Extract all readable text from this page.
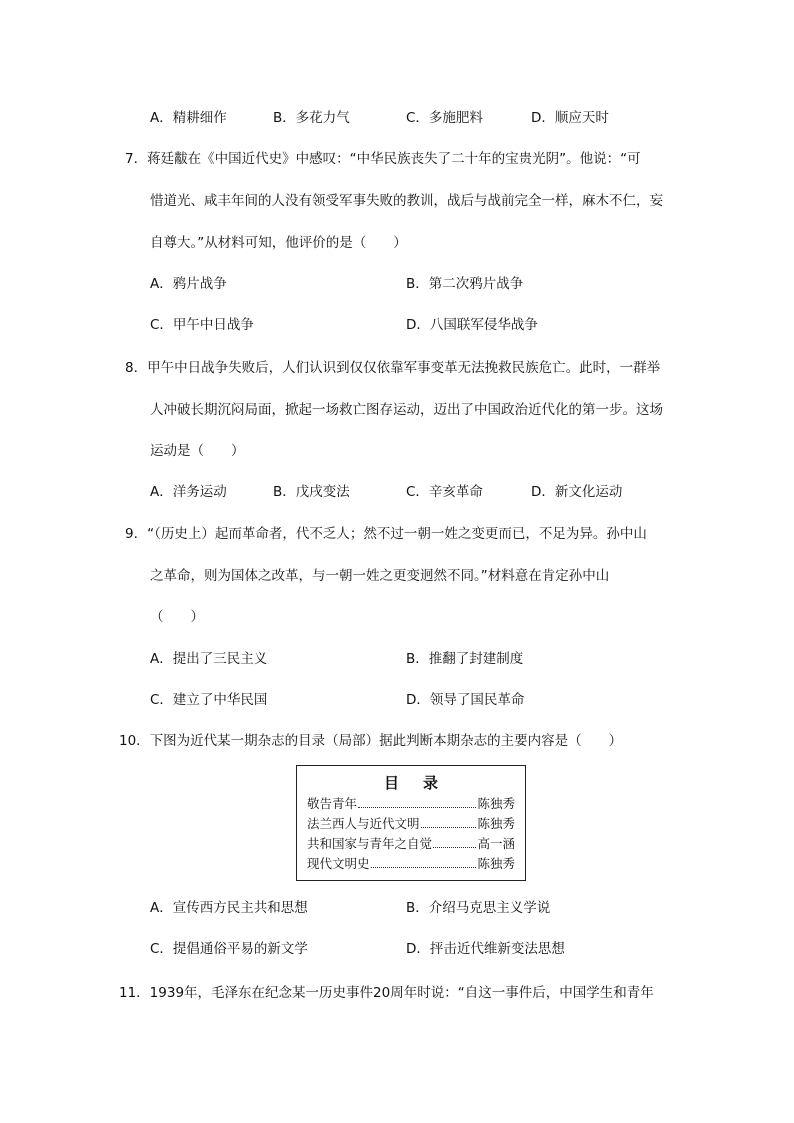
A．精耕细作	B．多花力气	C．多施肥料	D．顺应天时
7．蒋廷黻在《中国近代史》中感叹：“中华民族丧失了二十年的宝贵光阴”。他说：“可
惜道光、咸丰年间的人没有领受军事失败的教训，战后与战前完全一样，麻木不仁，妄
自尊大。”从材料可知，他评价的是（　　）
A．鸦片战争	B．第二次鸦片战争
C．甲午中日战争	D．八国联军侵华战争
8．甲午中日战争失败后，人们认识到仅仅依靠军事变革无法挽救民族危亡。此时，一群举
人冲破长期沉闷局面，掀起一场救亡图存运动，迈出了中国政治近代化的第一步。这场
运动是（　　）
A．洋务运动	B．戊戌变法	C．辛亥革命	D．新文化运动
9．“（历史上）起而革命者，代不乏人；然不过一朝一姓之变更而已，不足为异。孙中山
之革命，则为国体之改革，与一朝一姓之更变迥然不同。”材料意在肯定孙中山
（　　）
A．提出了三民主义	B．推翻了封建制度
C．建立了中华民国	D．领导了国民革命
10．下图为近代某一期杂志的目录（局部）据此判断本期杂志的主要内容是（　　）
目录
敬告青年	陈独秀
法兰西人与近代文明	陈独秀
共和国家与青年之自觉	高一涵
现代文明史	陈独秀
A．宣传西方民主共和思想	B．介绍马克思主义学说
C．提倡通俗平易的新文学	D．抨击近代维新变法思想
11．1939年，毛泽东在纪念某一历史事件20周年时说：“自这一事件后，中国学生和青年
